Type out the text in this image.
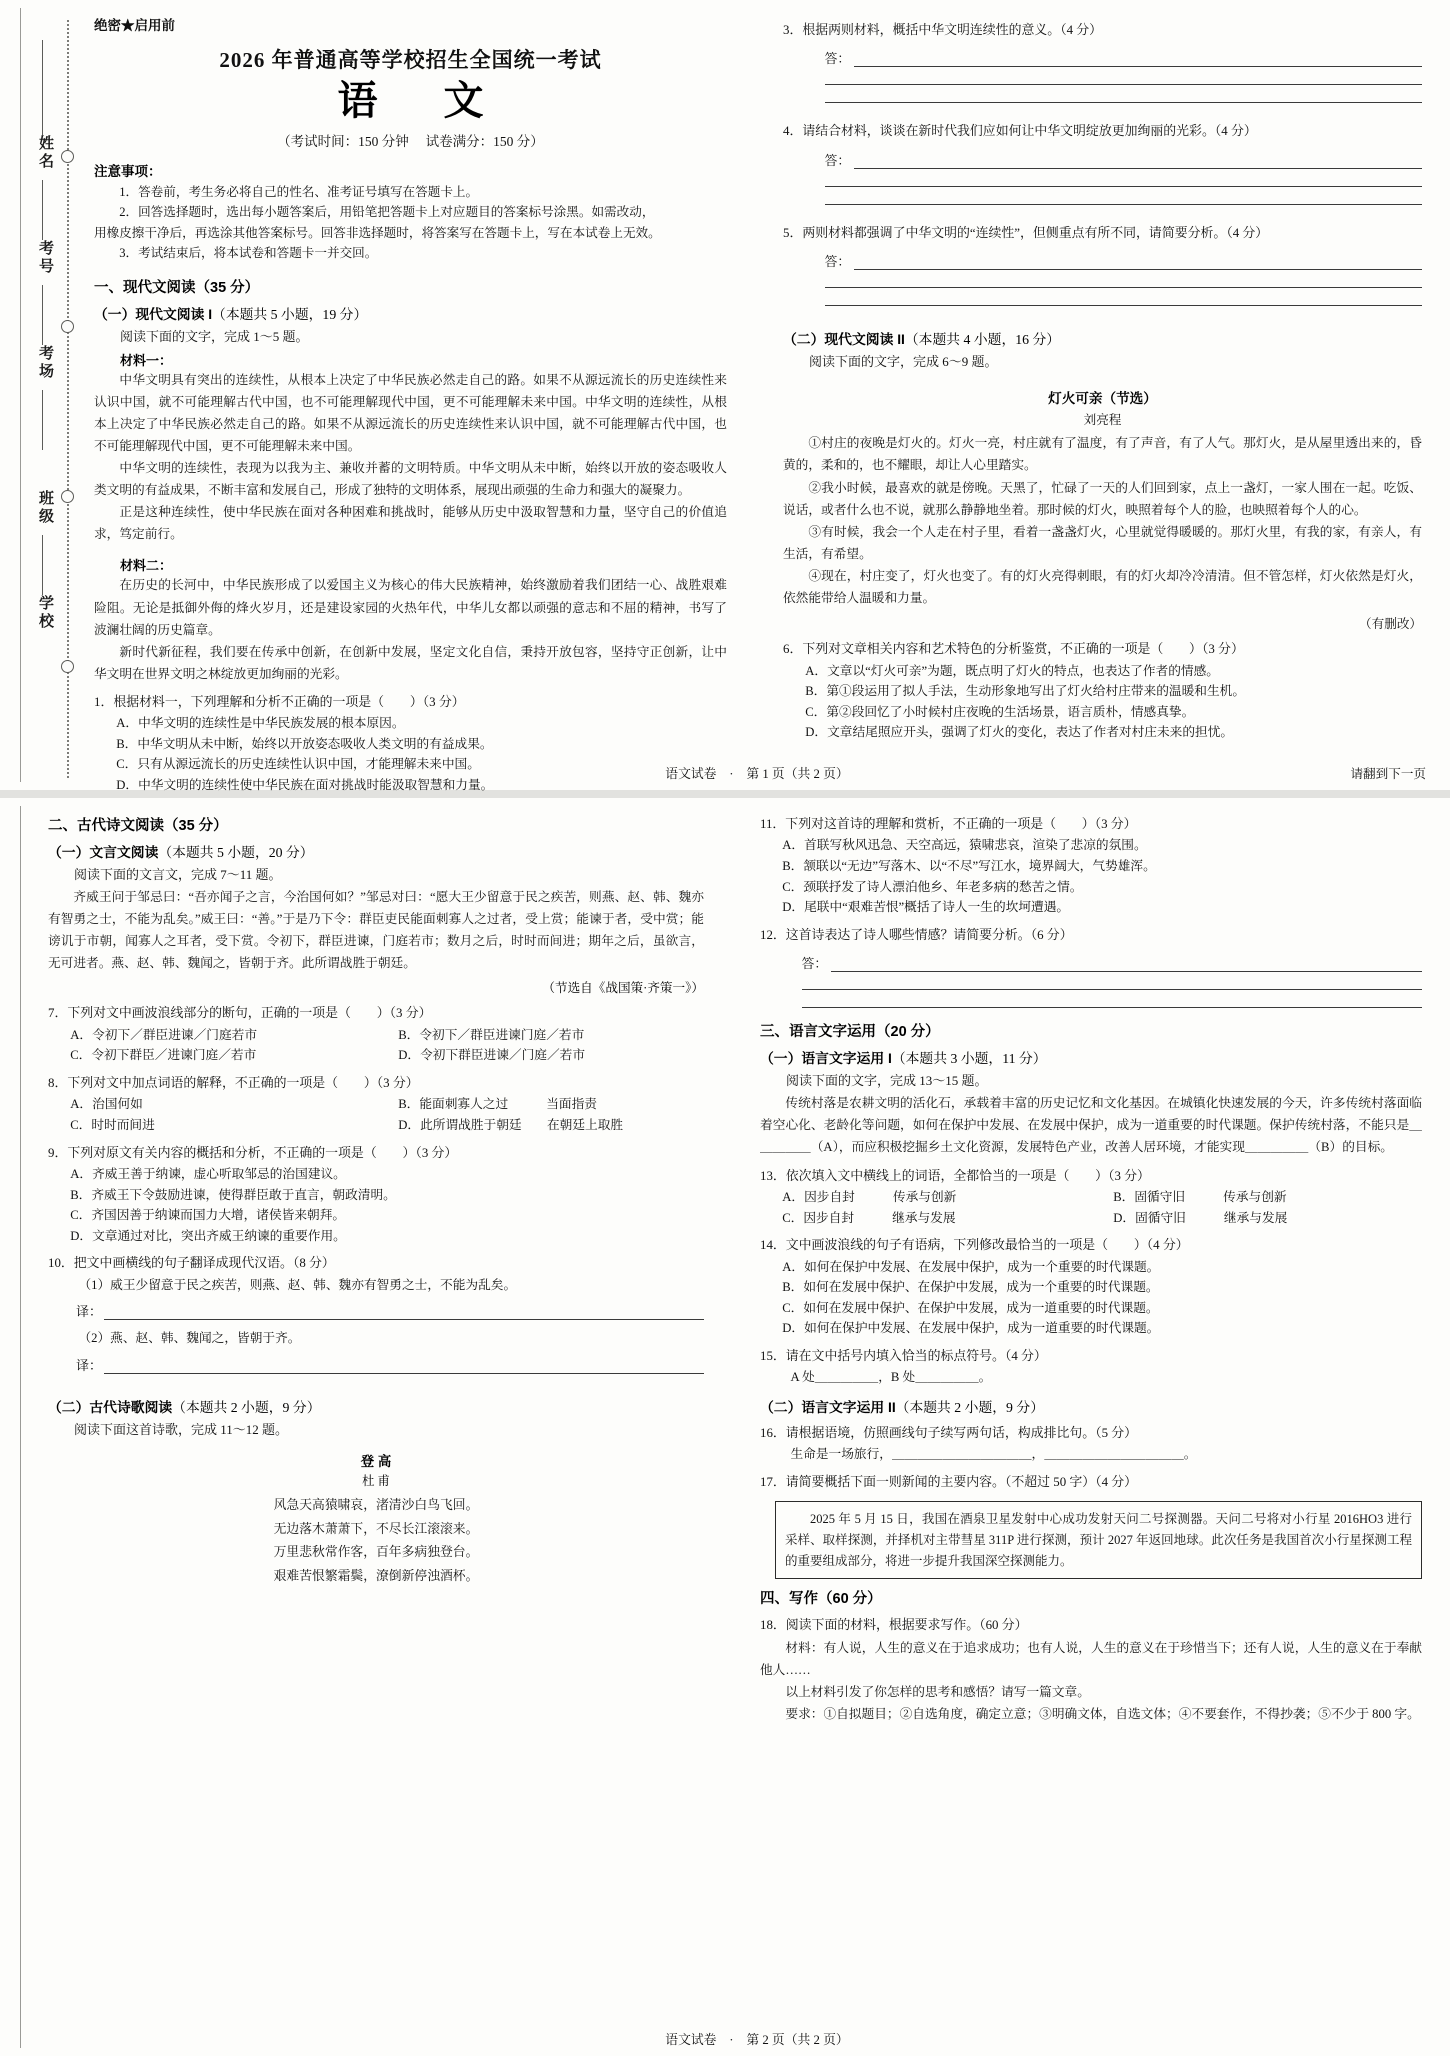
姓名
考号
考场
班级
学校
绝密★启用前
2026 年普通高等学校招生全国统一考试
语 文
（考试时间：150 分钟　 试卷满分：150 分）
注意事项：
1．答卷前，考生务必将自己的性名、准考证号填写在答题卡上。
2．回答选择题时，选出每小题答案后，用铅笔把答题卡上对应题目的答案标号涂黑。如需改动，
用橡皮擦干净后，再选涂其他答案标号。回答非选择题时，将答案写在答题卡上，写在本试卷上无效。
3．考试结束后，将本试卷和答题卡一并交回。
一、现代文阅读（35 分）
（一）现代文阅读 I（本题共 5 小题，19 分）
阅读下面的文字，完成 1～5 题。
材料一：

中华文明具有突出的连续性，从根本上决定了中华民族必然走自己的路。如果不从源远流长的历史连续性来认识中国，就不可能理解古代中国，也不可能理解现代中国，更不可能理解未来中国。中华文明的连续性，从根本上决定了中华民族必然走自己的路。如果不从源远流长的历史连续性来认识中国，就不可能理解古代中国，也不可能理解现代中国，更不可能理解未来中国。

中华文明的连续性，表现为以我为主、兼收并蓄的文明特质。中华文明从未中断，始终以开放的姿态吸收人类文明的有益成果，不断丰富和发展自己，形成了独特的文明体系，展现出顽强的生命力和强大的凝聚力。

正是这种连续性，使中华民族在面对各种困难和挑战时，能够从历史中汲取智慧和力量，坚守自己的价值追求，笃定前行。

材料二：

在历史的长河中，中华民族形成了以爱国主义为核心的伟大民族精神，始终激励着我们团结一心、战胜艰难险阻。无论是抵御外侮的烽火岁月，还是建设家园的火热年代，中华儿女都以顽强的意志和不屈的精神，书写了波澜壮阔的历史篇章。

新时代新征程，我们要在传承中创新，在创新中发展，坚定文化自信，秉持开放包容，坚持守正创新，让中华文明在世界文明之林绽放更加绚丽的光彩。

1．根据材料一，下列理解和分析不正确的一项是（　　）（3 分）
A．中华文明的连续性是中华民族发展的根本原因。
B．中华文明从未中断，始终以开放姿态吸收人类文明的有益成果。
C．只有从源远流长的历史连续性认识中国，才能理解未来中国。
D．中华文明的连续性使中华民族在面对挑战时能汲取智慧和力量。
3．根据两则材料，概括中华文明连续性的意义。（4 分）
答：
4．请结合材料，谈谈在新时代我们应如何让中华文明绽放更加绚丽的光彩。（4 分）
答：
5．两则材料都强调了中华文明的“连续性”，但侧重点有所不同，请简要分析。（4 分）
答：
（二）现代文阅读 II（本题共 4 小题，16 分）
阅读下面的文字，完成 6～9 题。
灯火可亲（节选）
刘亮程

①村庄的夜晚是灯火的。灯火一亮，村庄就有了温度，有了声音，有了人气。那灯火，是从屋里透出来的，昏黄的，柔和的，也不耀眼，却让人心里踏实。

②我小时候，最喜欢的就是傍晚。天黑了，忙碌了一天的人们回到家，点上一盏灯，一家人围在一起。吃饭、说话，或者什么也不说，就那么静静地坐着。那时候的灯火，映照着每个人的脸，也映照着每个人的心。

③有时候，我会一个人走在村子里，看着一盏盏灯火，心里就觉得暖暖的。那灯火里，有我的家，有亲人，有生活，有希望。

④现在，村庄变了，灯火也变了。有的灯火亮得刺眼，有的灯火却冷冷清清。但不管怎样，灯火依然是灯火，依然能带给人温暖和力量。

（有删改）
6．下列对文章相关内容和艺术特色的分析鉴赏，不正确的一项是（　　）（3 分）
A．文章以“灯火可亲”为题，既点明了灯火的特点，也表达了作者的情感。
B．第①段运用了拟人手法，生动形象地写出了灯火给村庄带来的温暖和生机。
C．第②段回忆了小时候村庄夜晚的生活场景，语言质朴，情感真挚。
D．文章结尾照应开头，强调了灯火的变化，表达了作者对村庄未来的担忧。
语文试卷　·　第 1 页（共 2 页）	请翻到下一页
二、古代诗文阅读（35 分）
（一）文言文阅读（本题共 5 小题，20 分）
阅读下面的文言文，完成 7～11 题。

齐威王问于邹忌曰：“吾亦闻子之言，今治国何如？”邹忌对曰：“愿大王少留意于民之疾苦，则燕、赵、韩、魏亦有智勇之士，不能为乱矣。”威王曰：“善。”于是乃下令：群臣吏民能面刺寡人之过者，受上赏；能谏于者，受中赏；能谤讥于市朝，闻寡人之耳者，受下赏。令初下，群臣进谏，门庭若市；数月之后，时时而间进；期年之后，虽欲言，无可进者。燕、赵、韩、魏闻之，皆朝于齐。此所谓战胜于朝廷。

（节选自《战国策·齐策一》）
7．下列对文中画波浪线部分的断句，正确的一项是（　　）（3 分）
A．令初下／群臣进谏／门庭若市	B．令初下／群臣进谏门庭／若市
C．令初下群臣／进谏门庭／若市	D．令初下群臣进谏／门庭／若市
8．下列对文中加点词语的解释，不正确的一项是（　　）（3 分）
A．治国何如	B．能面刺寡人之过　　　当面指责
C．时时而间进	D．此所谓战胜于朝廷　　在朝廷上取胜
9．下列对原文有关内容的概括和分析，不正确的一项是（　　）（3 分）
A．齐威王善于纳谏，虚心听取邹忌的治国建议。
B．齐威王下令鼓励进谏，使得群臣敢于直言，朝政清明。
C．齐国因善于纳谏而国力大增，诸侯皆来朝拜。
D．文章通过对比，突出齐威王纳谏的重要作用。
10．把文中画横线的句子翻译成现代汉语。（8 分）
（1）威王少留意于民之疾苦，则燕、赵、韩、魏亦有智勇之士，不能为乱矣。
译：
（2）燕、赵、韩、魏闻之，皆朝于齐。
译：
（二）古代诗歌阅读（本题共 2 小题，9 分）
阅读下面这首诗歌，完成 11～12 题。
登 高
杜 甫
风急天高猿啸哀，渚清沙白鸟飞回。
无边落木萧萧下，不尽长江滚滚来。
万里悲秋常作客，百年多病独登台。
艰难苦恨繁霜鬓，潦倒新停浊酒杯。
11．下列对这首诗的理解和赏析，不正确的一项是（　　）（3 分）
A．首联写秋风迅急、天空高远，猿啸悲哀，渲染了悲凉的氛围。
B．颔联以“无边”写落木、以“不尽”写江水，境界阔大，气势雄浑。
C．颈联抒发了诗人漂泊他乡、年老多病的愁苦之情。
D．尾联中“艰难苦恨”概括了诗人一生的坎坷遭遇。
12．这首诗表达了诗人哪些情感？请简要分析。（6 分）
答：
三、语言文字运用（20 分）
（一）语言文字运用 I（本题共 3 小题，11 分）
阅读下面的文字，完成 13～15 题。

传统村落是农耕文明的活化石，承载着丰富的历史记忆和文化基因。在城镇化快速发展的今天，许多传统村落面临着空心化、老龄化等问题，如何在保护中发展、在发展中保护，成为一道重要的时代课题。保护传统村落，不能只是＿＿＿＿＿（A），而应积极挖掘乡土文化资源，发展特色产业，改善人居环境，才能实现＿＿＿＿＿（B）的目标。

13．依次填入文中横线上的词语，全都恰当的一项是（　　）（3 分）
A．因步自封　　　传承与创新	B．固循守旧　　　传承与创新
C．因步自封　　　继承与发展	D．固循守旧　　　继承与发展
14．文中画波浪线的句子有语病，下列修改最恰当的一项是（　　）（4 分）
A．如何在保护中发展、在发展中保护，成为一个重要的时代课题。
B．如何在发展中保护、在保护中发展，成为一个重要的时代课题。
C．如何在发展中保护、在保护中发展，成为一道重要的时代课题。
D．如何在保护中发展、在发展中保护，成为一道重要的时代课题。
15．请在文中括号内填入恰当的标点符号。（4 分）
A 处＿＿＿＿＿，B 处＿＿＿＿＿。
（二）语言文字运用 II（本题共 2 小题，9 分）
16．请根据语境，仿照画线句子续写两句话，构成排比句。（5 分）
生命是一场旅行，＿＿＿＿＿＿＿＿＿＿＿，＿＿＿＿＿＿＿＿＿＿＿。
17．请简要概括下面一则新闻的主要内容。（不超过 50 字）（4 分）

2025 年 5 月 15 日，我国在酒泉卫星发射中心成功发射天问二号探测器。天问二号将对小行星 2016HO3 进行采样、取样探测，并择机对主带彗星 311P 进行探测，预计 2027 年返回地球。此次任务是我国首次小行星探测工程的重要组成部分，将进一步提升我国深空探测能力。

四、写作（60 分）
18．阅读下面的材料，根据要求写作。（60 分）

材料：有人说，人生的意义在于追求成功；也有人说，人生的意义在于珍惜当下；还有人说，人生的意义在于奉献他人……

以上材料引发了你怎样的思考和感悟？请写一篇文章。

要求：①自拟题目；②自选角度，确定立意；③明确文体，自选文体；④不要套作，不得抄袭；⑤不少于 800 字。

语文试卷　·　第 2 页（共 2 页）
